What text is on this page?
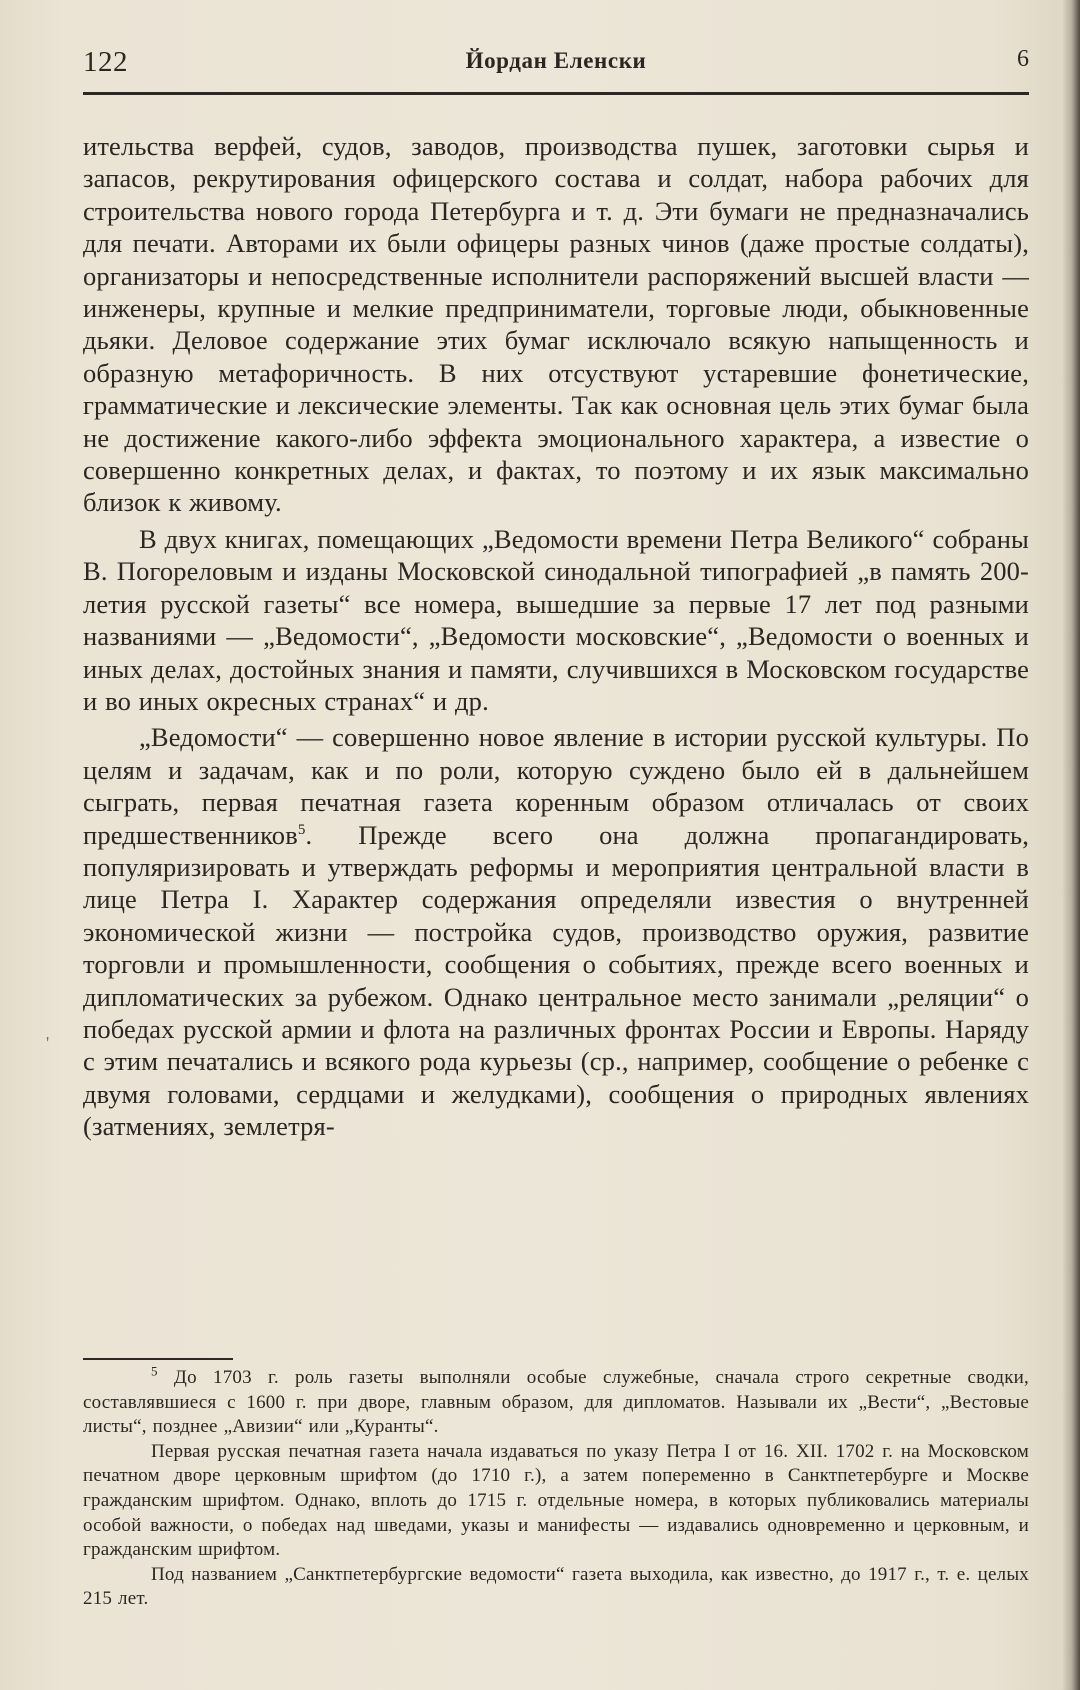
122	Йордан Еленски	6
'

ительства верфей, судов, заводов, производства пушек, заготовки сырья и запасов, рекрутирования офицерского состава и солдат, набора рабочих для строительства нового города Петербурга и т. д. Эти бумаги не предназначались для печати. Авторами их были офицеры разных чинов (даже простые солдаты), организаторы и непосредственные исполнители распоряжений высшей власти — инженеры, крупные и мелкие предприниматели, торговые люди, обыкновенные дьяки. Деловое содержание этих бумаг исключало всякую напыщенность и образную метафоричность. В них отсуствуют устаревшие фонетические, грамматические и лексические элементы. Так как основная цель этих бумаг была не достижение какого-либо эффекта эмоционального характера, а известие о совершенно конкретных делах, и фактах, то поэтому и их язык максимально близок к живому.

В двух книгах, помещающих „Ведомости времени Петра Великого“ собраны В. Погореловым и изданы Московской синодальной типографией „в память 200-летия русской газеты“ все номера, вышедшие за первые 17 лет под разными названиями — „Ведомости“, „Ведомости московские“, „Ведомости о военных и иных делах, достойных знания и памяти, случившихся в Московском государстве и во иных окресных странах“ и др.

„Ведомости“ — совершенно новое явление в истории русской культуры. По целям и задачам, как и по роли, которую суждено было ей в дальнейшем сыграть, первая печатная газета коренным образом отличалась от своих предшественников$^5$. Прежде всего она должна пропагандировать, популяризировать и утверждать реформы и мероприятия центральной власти в лице Петра I. Характер содержания определяли известия о внутренней экономической жизни — постройка судов, производство оружия, развитие торговли и промышленности, сообщения о событиях, прежде всего военных и дипломатических за рубежом. Однако центральное место занимали „реляции“ о победах русской армии и флота на различных фронтах России и Европы. Наряду с этим печатались и всякого рода курьезы (ср., например, сообщение о ребенке с двумя головами, сердцами и желудками), сообщения о природных явлениях (затмениях, землетря-

$^5$ До 1703 г. роль газеты выполняли особые служебные, сначала строго секретные сводки, составлявшиеся с 1600 г. при дворе, главным образом, для дипломатов. Называли их „Вести“, „Вестовые листы“, позднее „Авизии“ или „Куранты“.

Первая русская печатная газета начала издаваться по указу Петра I от 16. XII. 1702 г. на Московском печатном дворе церковным шрифтом (до 1710 г.), а затем попеременно в Санктпетербурге и Москве гражданским шрифтом. Однако, вплоть до 1715 г. отдельные номера, в которых публиковались материалы особой важности, о победах над шведами, указы и манифесты — издавались одновременно и церковным, и гражданским шрифтом.

Под названием „Санктпетербургские ведомости“ газета выходила, как известно, до 1917 г., т. е. целых 215 лет.
